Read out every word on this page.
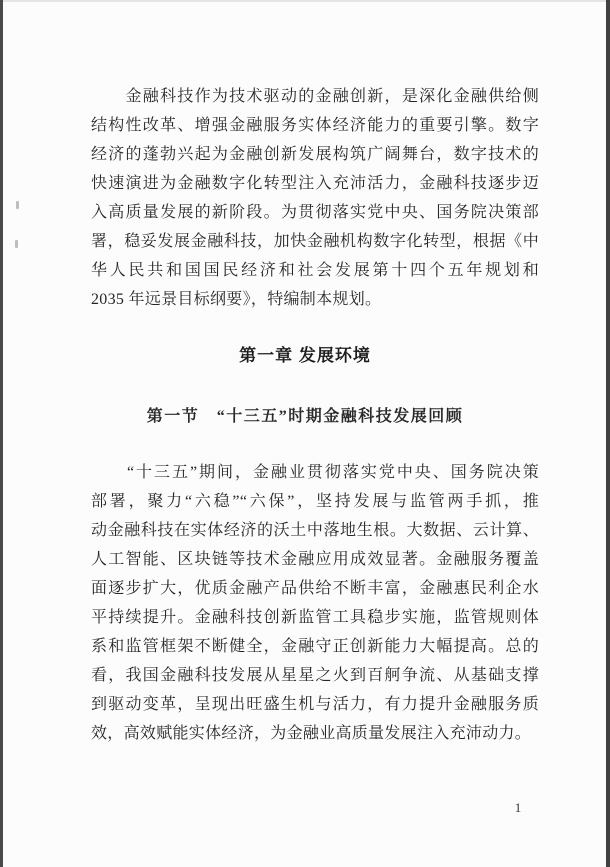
　　金融科技作为技术驱动的金融创新，是深化金融供给侧
结构性改革、增强金融服务实体经济能力的重要引擎。数字
经济的蓬勃兴起为金融创新发展构筑广阔舞台，数字技术的
快速演进为金融数字化转型注入充沛活力，金融科技逐步迈
入高质量发展的新阶段。为贯彻落实党中央、国务院决策部
署，稳妥发展金融科技，加快金融机构数字化转型，根据《中
华人民共和国国民经济和社会发展第十四个五年规划和
2035 年远景目标纲要》，特编制本规划。
第一章 发展环境
第一节　“十三五”时期金融科技发展回顾
　　“十三五”期间，金融业贯彻落实党中央、国务院决策
部署，聚力“六稳”“六保”，坚持发展与监管两手抓，推
动金融科技在实体经济的沃土中落地生根。大数据、云计算、
人工智能、区块链等技术金融应用成效显著。金融服务覆盖
面逐步扩大，优质金融产品供给不断丰富，金融惠民利企水
平持续提升。金融科技创新监管工具稳步实施，监管规则体
系和监管框架不断健全，金融守正创新能力大幅提高。总的
看，我国金融科技发展从星星之火到百舸争流、从基础支撑
到驱动变革，呈现出旺盛生机与活力，有力提升金融服务质
效，高效赋能实体经济，为金融业高质量发展注入充沛动力。
1
